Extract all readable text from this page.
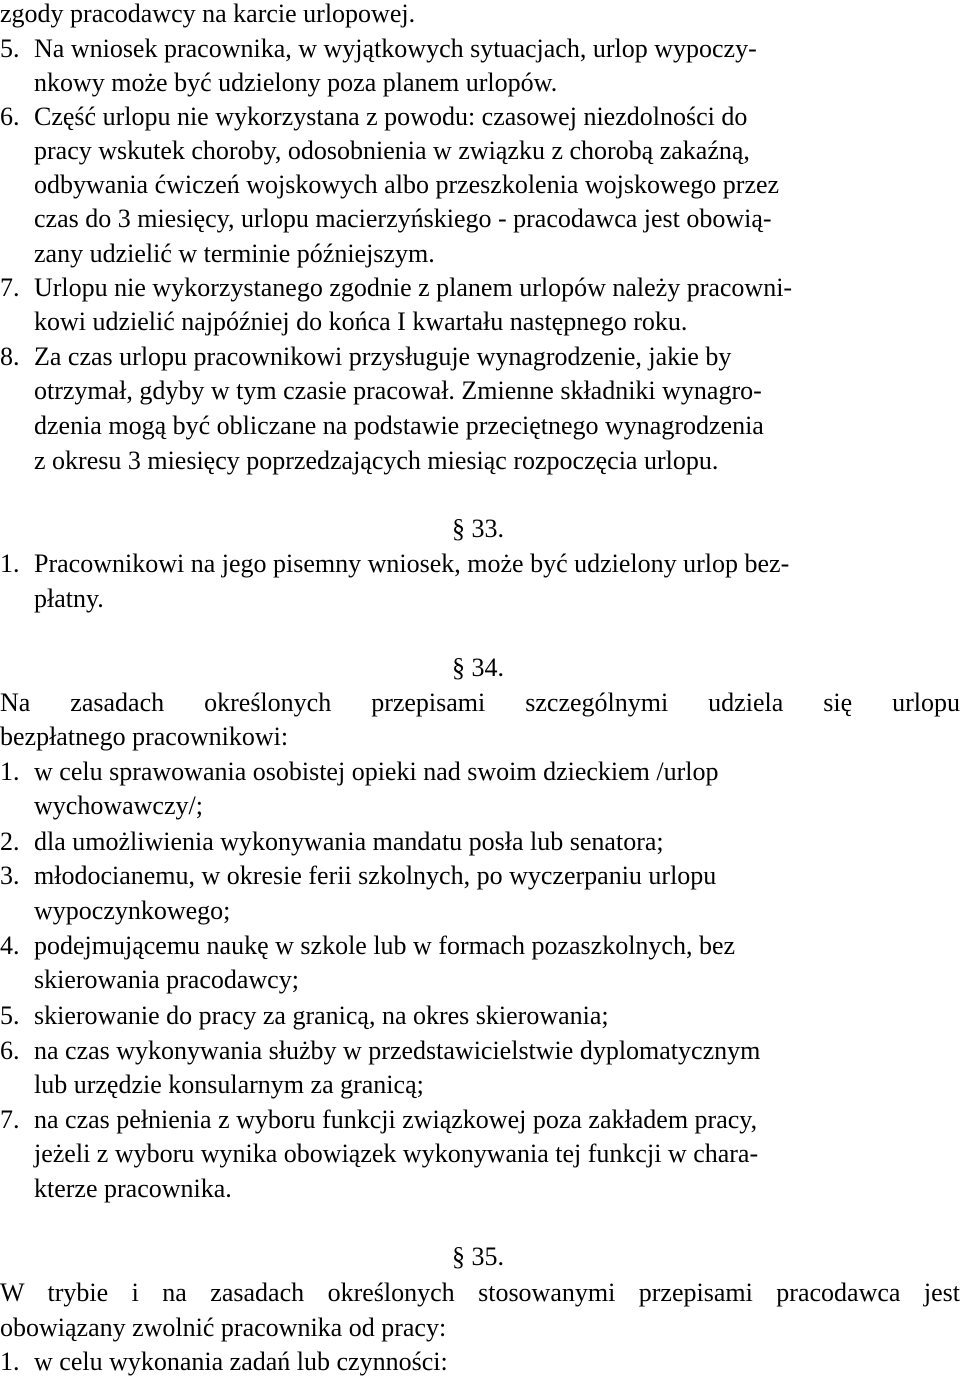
zgody pracodawcy na karcie urlopowej.
5. Na wniosek pracownika, w wyjątkowych sytuacjach, urlop wypoczy-
nkowy może być udzielony poza planem urlopów.
6. Część urlopu nie wykorzystana z powodu: czasowej niezdolności do
pracy wskutek choroby, odosobnienia w związku z chorobą zakaźną,
odbywania ćwiczeń wojskowych albo przeszkolenia wojskowego przez
czas do 3 miesięcy, urlopu macierzyńskiego - pracodawca jest obowią-
zany udzielić w terminie późniejszym.
7. Urlopu nie wykorzystanego zgodnie z planem urlopów należy pracowni-
kowi udzielić najpóźniej do końca I kwartału następnego roku.
8. Za czas urlopu pracownikowi przysługuje wynagrodzenie, jakie by
otrzymał, gdyby w tym czasie pracował. Zmienne składniki wynagro-
dzenia mogą być obliczane na podstawie przeciętnego wynagrodzenia
z okresu 3 miesięcy poprzedzających miesiąc rozpoczęcia urlopu.
§ 33.
1. Pracownikowi na jego pisemny wniosek, może być udzielony urlop bez-
płatny.
§ 34.
Na zasadach określonych przepisami szczególnymi udziela się urlopu
bezpłatnego pracownikowi:
1. w celu sprawowania osobistej opieki nad swoim dzieckiem /urlop
wychowawczy/;
2. dla umożliwienia wykonywania mandatu posła lub senatora;
3. młodocianemu, w okresie ferii szkolnych, po wyczerpaniu urlopu
wypoczynkowego;
4. podejmującemu naukę w szkole lub w formach pozaszkolnych, bez
skierowania pracodawcy;
5. skierowanie do pracy za granicą, na okres skierowania;
6. na czas wykonywania służby w przedstawicielstwie dyplomatycznym
lub urzędzie konsularnym za granicą;
7. na czas pełnienia z wyboru funkcji związkowej poza zakładem pracy,
jeżeli z wyboru wynika obowiązek wykonywania tej funkcji w chara-
kterze pracownika.
§ 35.
W trybie i na zasadach określonych stosowanymi przepisami pracodawca jest
obowiązany zwolnić pracownika od pracy:
1. w celu wykonania zadań lub czynności:
